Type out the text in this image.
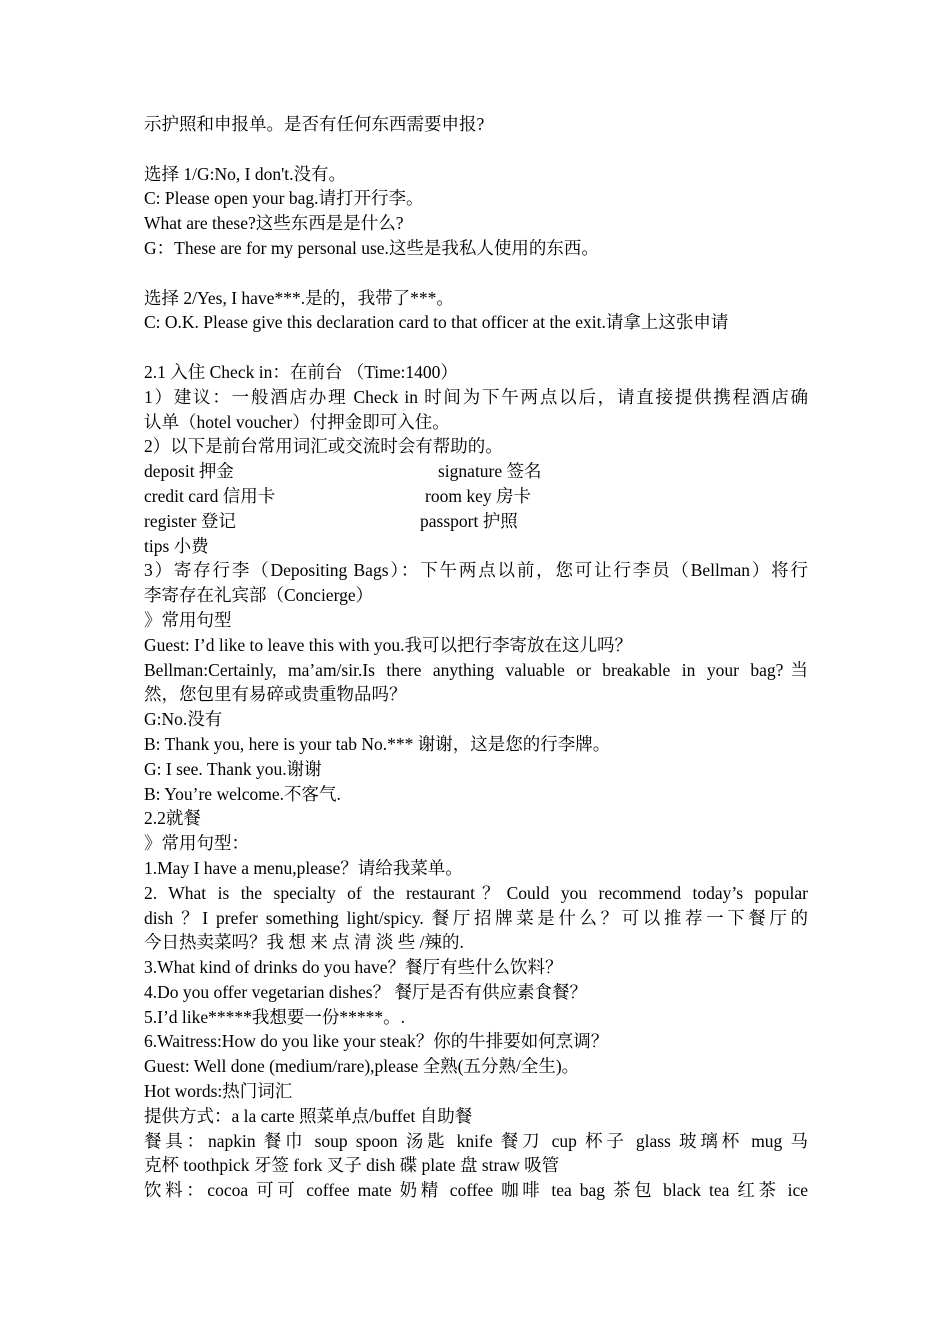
示护照和申报单。是否有任何东西需要申报?
选择 1/G:No, I don't.没有。
C: Please open your bag.请打开行李。
What are these?这些东西是是什么?
G：These are for my personal use.这些是我私人使用的东西。
选择 2/Yes, I have***.是的，我带了***。
C: O.K. Please give this declaration card to that officer at the exit.请拿上这张申请
2.1 入住 Check in：在前台 （Time:1400）
1）建议：一般酒店办理 Check in 时间为下午两点以后，请直接提供携程酒店确
认单（hotel voucher）付押金即可入住。
2）以下是前台常用词汇或交流时会有帮助的。
deposit 押金	signature 签名
credit card 信用卡	room key 房卡
register 登记	passport 护照
tips 小费
3）寄存行李（Depositing Bags）：下午两点以前，您可让行李员（Bellman）将行
李寄存在礼宾部（Concierge）
》常用句型
Guest: I’d like to leave this with you.我可以把行李寄放在这儿吗？
Bellman:Certainly, ma’am/sir.Is there anything valuable or breakable in your bag?当
然，您包里有易碎或贵重物品吗？
G:No.没有
B: Thank you, here is your tab No.*** 谢谢，这是您的行李牌。
G: I see. Thank you.谢谢
B: You’re welcome.不客气.
2.2就餐
》常用句型：
1.May I have a menu,please？请给我菜单。
2. What is the specialty of the restaurant？Could you recommend today’s popular
dish ？I prefer something light/spicy. 餐厅招牌菜是什么？可以推荐一下餐厅的
今日热卖菜吗？我 想 来 点 清 淡 些 /辣的.
3.What kind of drinks do you have？餐厅有些什么饮料？
4.Do you offer vegetarian dishes？ 餐厅是否有供应素食餐？
5.I’d like*****我想要一份*****。.
6.Waitress:How do you like your steak？你的牛排要如何烹调？
Guest: Well done (medium/rare),please 全熟(五分熟/全生)。
Hot words:热门词汇
提供方式：a la carte 照菜单点/buffet 自助餐
餐具：napkin 餐巾 soup spoon 汤匙 knife 餐刀 cup 杯子 glass 玻璃杯 mug 马
克杯 toothpick 牙签 fork 叉子 dish 碟 plate 盘 straw 吸管
饮料：cocoa 可可 coffee mate 奶精 coffee 咖啡 tea bag 茶包 black tea 红茶 ice
